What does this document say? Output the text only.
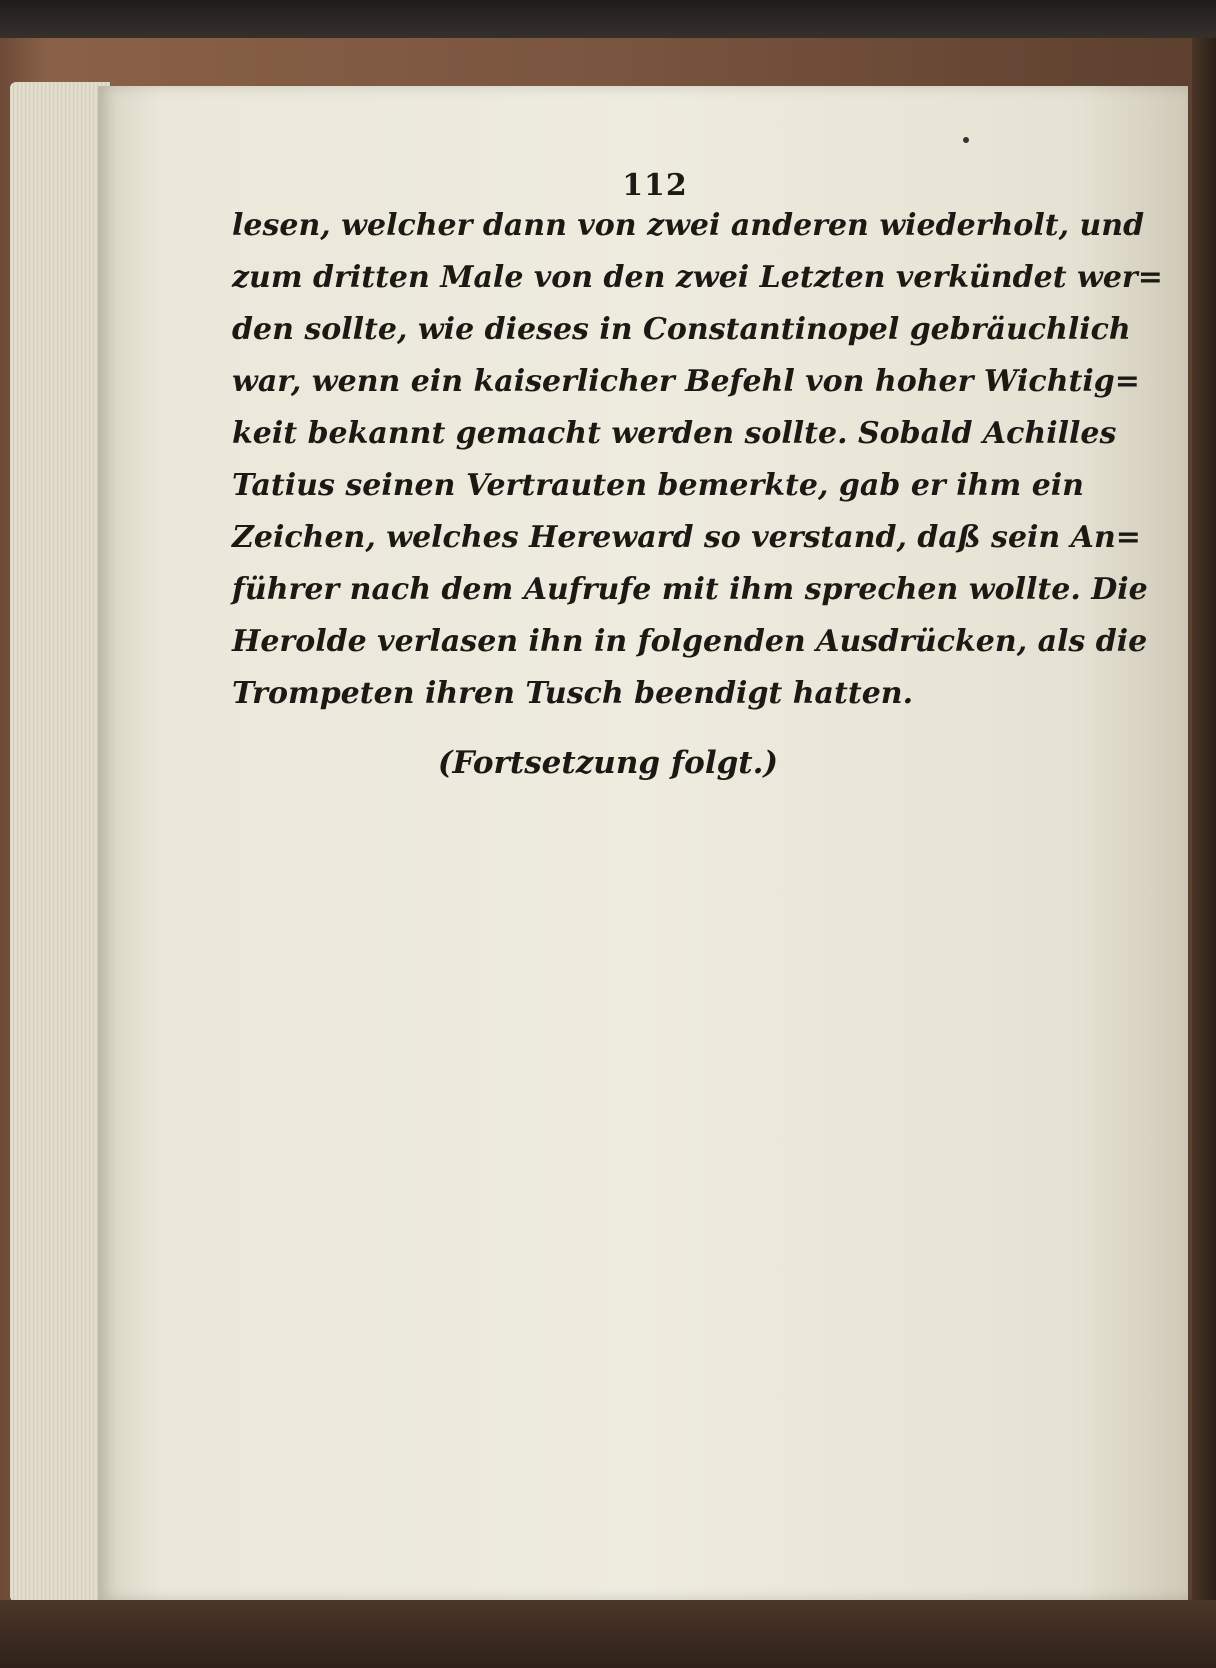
112
lesen, welcher dann von zwei anderen wiederholt, und
zum dritten Male von den zwei Letzten verkündet wer=
den sollte, wie dieses in Constantinopel gebräuchlich
war, wenn ein kaiserlicher Befehl von hoher Wichtig=
keit bekannt gemacht werden sollte. Sobald Achilles
Tatius seinen Vertrauten bemerkte, gab er ihm ein
Zeichen, welches Hereward so verstand, daß sein An=
führer nach dem Aufrufe mit ihm sprechen wollte. Die
Herolde verlasen ihn in folgenden Ausdrücken, als die
Trompeten ihren Tusch beendigt hatten.
(Fortsetzung folgt.)
